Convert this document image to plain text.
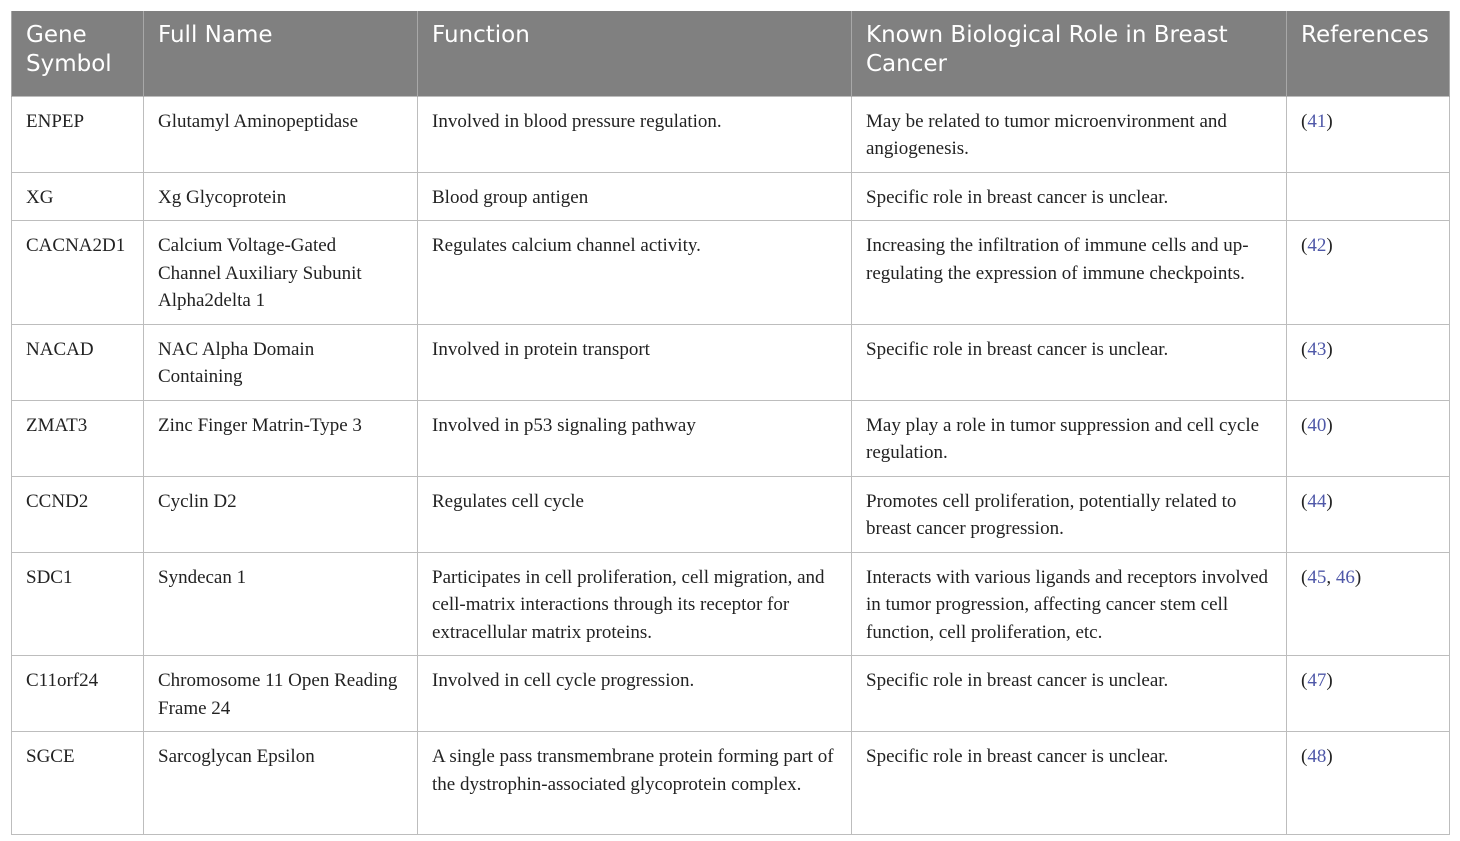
Gene Symbol	Full Name	Function	Known Biological Role in Breast Cancer	References
ENPEP	Glutamyl Aminopeptidase	Involved in blood pressure regulation.	May be related to tumor microenvironment and angiogenesis.	(41)
XG	Xg Glycoprotein	Blood group antigen	Specific role in breast cancer is unclear.	
CACNA2D1	Calcium Voltage-Gated Channel Auxiliary Subunit Alpha2delta 1	Regulates calcium channel activity.	Increasing the infiltration of immune cells and up-regulating the expression of immune checkpoints.	(42)
NACAD	NAC Alpha Domain Containing	Involved in protein transport	Specific role in breast cancer is unclear.	(43)
ZMAT3	Zinc Finger Matrin-Type 3	Involved in p53 signaling pathway	May play a role in tumor suppression and cell cycle regulation.	(40)
CCND2	Cyclin D2	Regulates cell cycle	Promotes cell proliferation, potentially related to breast cancer progression.	(44)
SDC1	Syndecan 1	Participates in cell proliferation, cell migration, and cell-matrix interactions through its receptor for extracellular matrix proteins.	Interacts with various ligands and receptors involved in tumor progression, affecting cancer stem cell function, cell proliferation, etc.	(45, 46)
C11orf24	Chromosome 11 Open Reading Frame 24	Involved in cell cycle progression.	Specific role in breast cancer is unclear.	(47)
SGCE	Sarcoglycan Epsilon	A single pass transmembrane protein forming part of the dystrophin-associated glycoprotein complex.	Specific role in breast cancer is unclear.	(48)
